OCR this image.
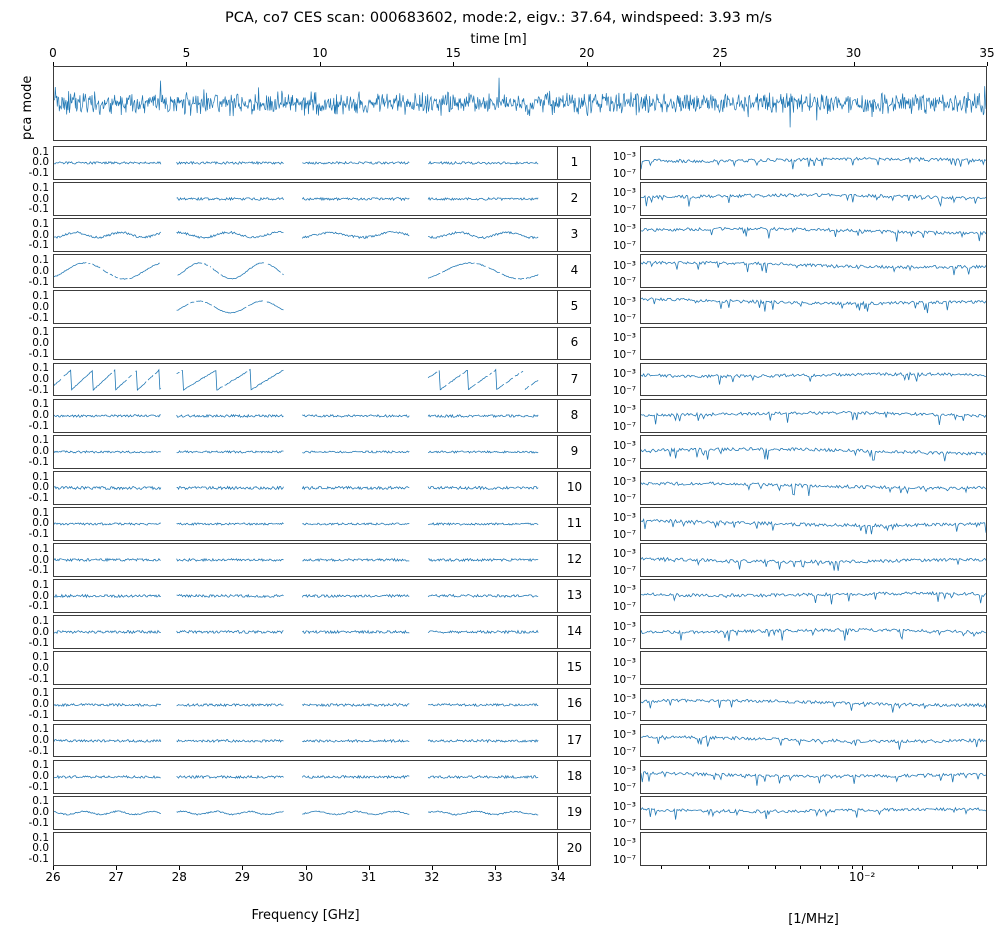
PCA, co7 CES scan: 000683602, mode:2, eigv.: 37.64, windspeed: 3.93 m/s
time [m]
pca mode
0	5	10	15	20	25	30	35
0.1
0.0
-0.1
0.1
0.0
-0.1
0.1
0.0
-0.1
0.1
0.0
-0.1
0.1
0.0
-0.1
0.1
0.0
-0.1
0.1
0.0
-0.1
0.1
0.0
-0.1
0.1
0.0
-0.1
0.1
0.0
-0.1
0.1
0.0
-0.1
0.1
0.0
-0.1
0.1
0.0
-0.1
0.1
0.0
-0.1
0.1
0.0
-0.1
0.1
0.0
-0.1
0.1
0.0
-0.1
0.1
0.0
-0.1
0.1
0.0
-0.1
0.1
0.0
-0.1
10⁻³
10⁻⁷
10⁻³
10⁻⁷
10⁻³
10⁻⁷
10⁻³
10⁻⁷
10⁻³
10⁻⁷
10⁻³
10⁻⁷
10⁻³
10⁻⁷
10⁻³
10⁻⁷
10⁻³
10⁻⁷
10⁻³
10⁻⁷
10⁻³
10⁻⁷
10⁻³
10⁻⁷
10⁻³
10⁻⁷
10⁻³
10⁻⁷
10⁻³
10⁻⁷
10⁻³
10⁻⁷
10⁻³
10⁻⁷
10⁻³
10⁻⁷
10⁻³
10⁻⁷
10⁻³
10⁻⁷
1
2
3
4
5
6
7
8
9
10
11
12
13
14
15
16
17
18
19
20
26	27	28	29	30	31	32	33	34
Frequency [GHz]
10⁻²
[1/MHz]
